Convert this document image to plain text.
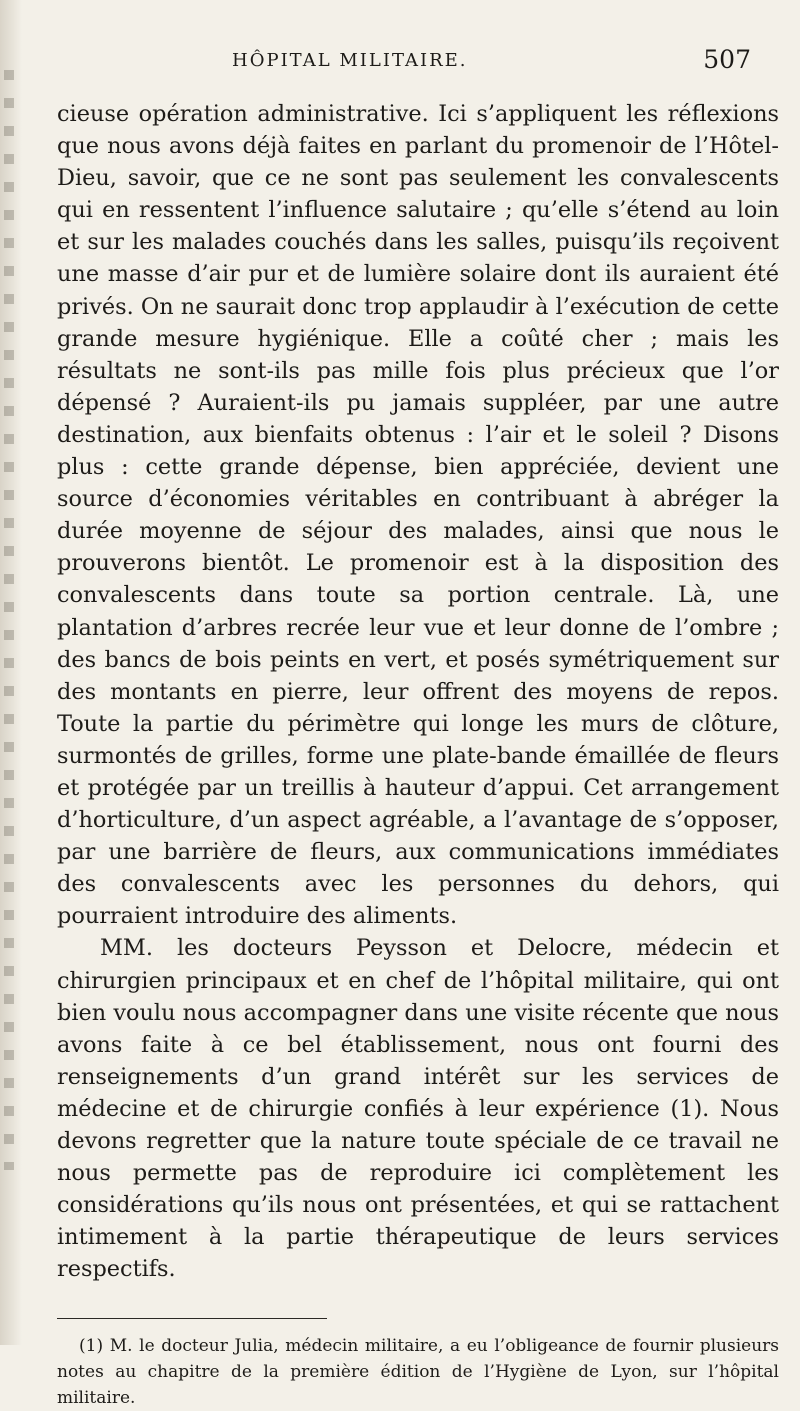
HÔPITAL MILITAIRE.	507

cieuse opération administrative. Ici s’appliquent les réflexions que nous avons déjà faites en parlant du promenoir de l’Hôtel-Dieu, savoir, que ce ne sont pas seulement les convalescents qui en ressentent l’influence salutaire ; qu’elle s’étend au loin et sur les malades couchés dans les salles, puisqu’ils reçoivent une masse d’air pur et de lumière solaire dont ils auraient été privés. On ne saurait donc trop applaudir à l’exécution de cette grande mesure hygiénique. Elle a coûté cher ; mais les résultats ne sont-ils pas mille fois plus précieux que l’or dépensé ? Auraient-ils pu jamais suppléer, par une autre destination, aux bienfaits obtenus : l’air et le soleil ? Disons plus : cette grande dépense, bien appréciée, devient une source d’économies véritables en contribuant à abréger la durée moyenne de séjour des malades, ainsi que nous le prouverons bientôt. Le promenoir est à la disposition des convalescents dans toute sa portion centrale. Là, une plantation d’arbres recrée leur vue et leur donne de l’ombre ; des bancs de bois peints en vert, et posés symétriquement sur des montants en pierre, leur offrent des moyens de repos. Toute la partie du périmètre qui longe les murs de clôture, surmontés de grilles, forme une plate-bande émaillée de fleurs et protégée par un treillis à hauteur d’appui. Cet arrangement d’horticulture, d’un aspect agréable, a l’avantage de s’opposer, par une barrière de fleurs, aux communications immédiates des convalescents avec les personnes du dehors, qui pourraient introduire des aliments.

MM. les docteurs Peysson et Delocre, médecin et chirurgien principaux et en chef de l’hôpital militaire, qui ont bien voulu nous accompagner dans une visite récente que nous avons faite à ce bel établissement, nous ont fourni des renseignements d’un grand intérêt sur les services de médecine et de chirurgie confiés à leur expérience (1). Nous devons regretter que la nature toute spéciale de ce travail ne nous permette pas de reproduire ici complètement les considérations qu’ils nous ont présentées, et qui se rattachent intimement à la partie thérapeutique de leurs services respectifs.

(1) M. le docteur Julia, médecin militaire, a eu l’obligeance de fournir plusieurs notes au chapitre de la première édition de l’Hygiène de Lyon, sur l’hôpital militaire.
